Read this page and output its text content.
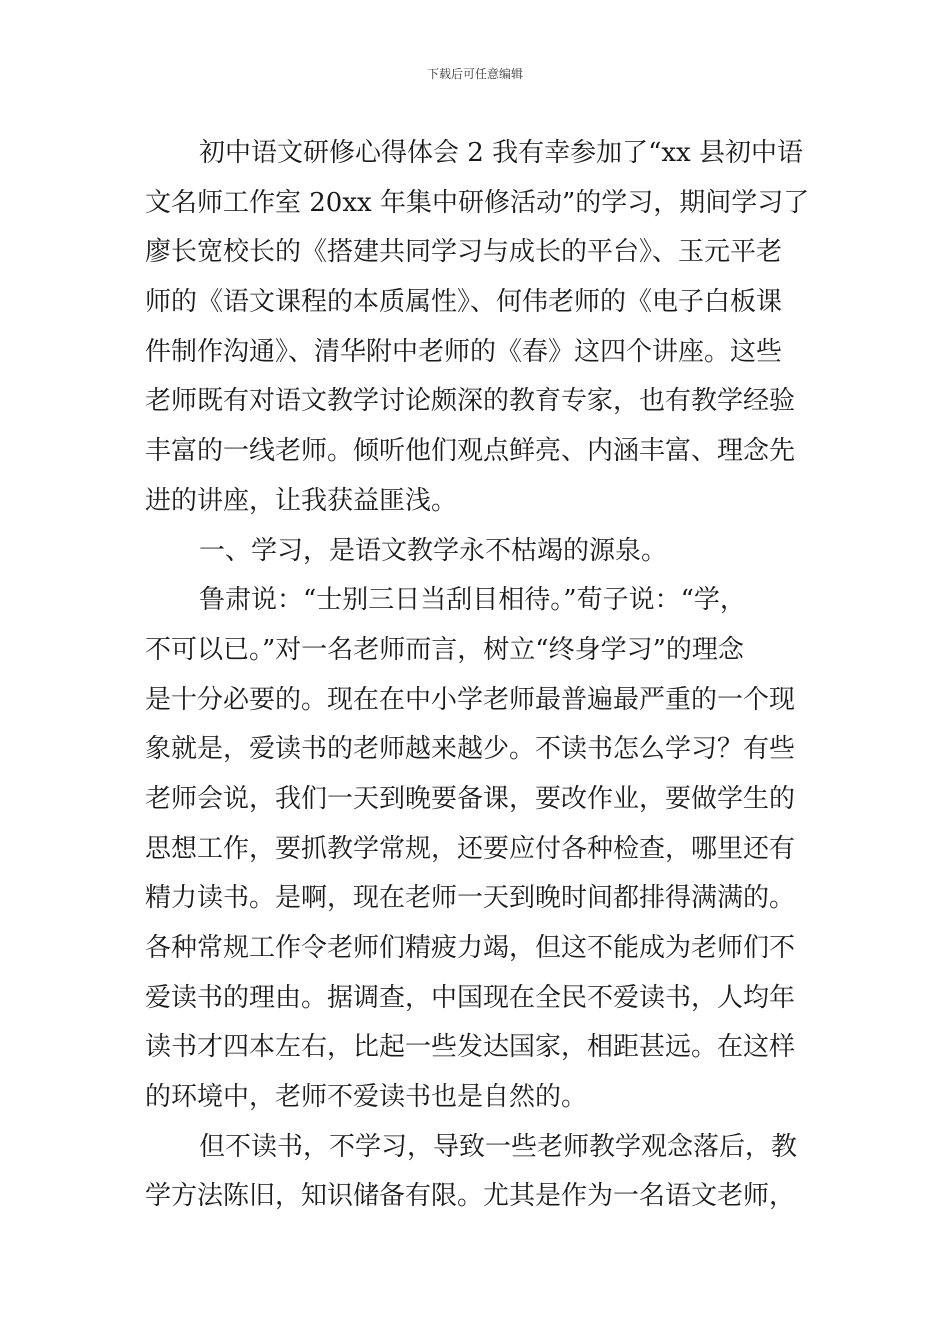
下载后可任意编辑
初中语文研修心得体会 2 我有幸参加了“xx 县初中语
文名师工作室 20xx 年集中研修活动”的学习，期间学习了
廖长宽校长的《搭建共同学习与成长的平台》、玉元平老
师的《语文课程的本质属性》、何伟老师的《电子白板课
件制作沟通》、清华附中老师的《春》这四个讲座。这些
老师既有对语文教学讨论颇深的教育专家，也有教学经验
丰富的一线老师。倾听他们观点鲜亮、内涵丰富、理念先
进的讲座，让我获益匪浅。
一、学习，是语文教学永不枯竭的源泉。
鲁肃说：“士别三日当刮目相待。”荀子说：“学，
不可以已。”对一名老师而言，树立“终身学习”的理念
是十分必要的。现在在中小学老师最普遍最严重的一个现
象就是，爱读书的老师越来越少。不读书怎么学习？有些
老师会说，我们一天到晚要备课，要改作业，要做学生的
思想工作，要抓教学常规，还要应付各种检查，哪里还有
精力读书。是啊，现在老师一天到晚时间都排得满满的。
各种常规工作令老师们精疲力竭，但这不能成为老师们不
爱读书的理由。据调查，中国现在全民不爱读书，人均年
读书才四本左右，比起一些发达国家，相距甚远。在这样
的环境中，老师不爱读书也是自然的。
但不读书，不学习，导致一些老师教学观念落后，教
学方法陈旧，知识储备有限。尤其是作为一名语文老师，
